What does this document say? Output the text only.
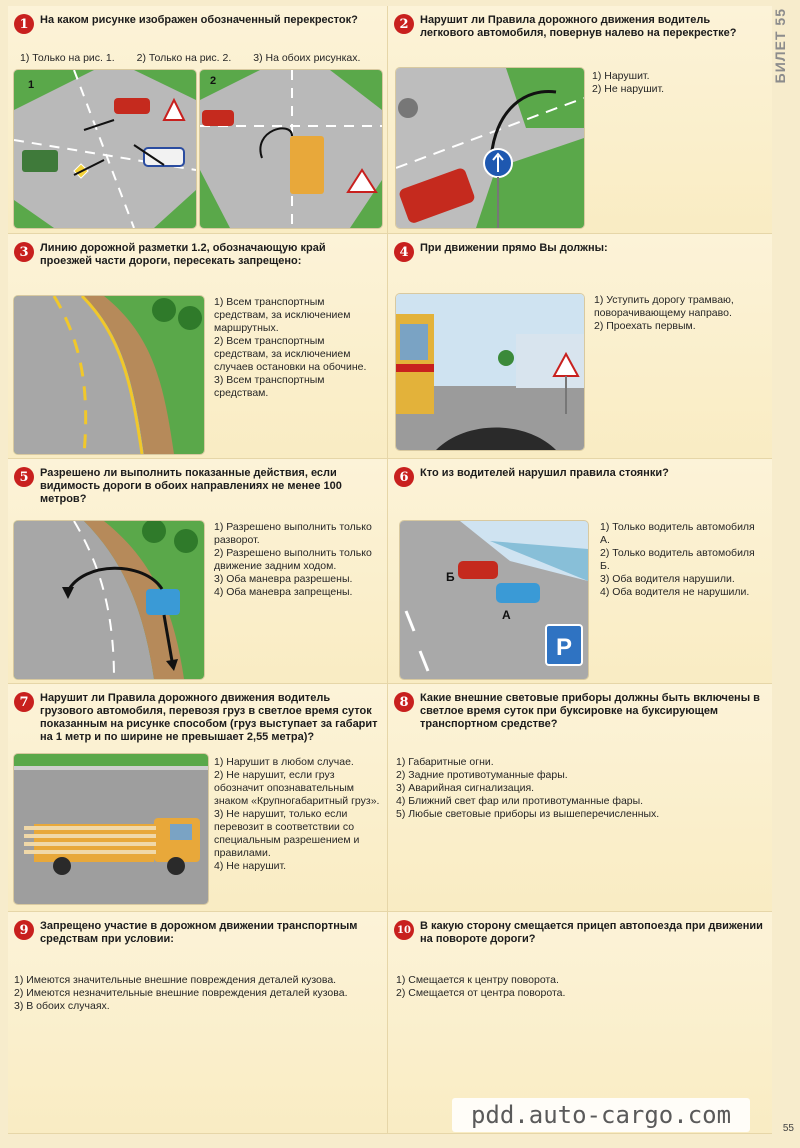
1	На каком рисунке изображен обозначенный перекресток?
1) Только на рис. 1. 2) Только на рис. 2. 3) На обоих рисунках.
1	2
2	Нарушит ли Правила дорожного движения водитель легкового автомобиля, повернув налево на перекрестке?
1) Нарушит.
2) Не нарушит.
3	Линию дорожной разметки 1.2, обозначающую край проезжей части дороги, пересекать запрещено:
1) Всем транспортным средствам, за исключением маршрутных.
2) Всем транспортным средствам, за исключением случаев остановки на обочине.
3) Всем транспортным средствам.
4	При движении прямо Вы должны:
1) Уступить дорогу трамваю, поворачивающему направо.
2) Проехать первым.
5	Разрешено ли выполнить показанные действия, если видимость дороги в обоих направлениях не менее 100 метров?
1) Разрешено выполнить только разворот.
2) Разрешено выполнить только движение задним ходом.
3) Оба маневра разрешены.
4) Оба маневра запрещены.
6	Кто из водителей нарушил правила стоянки?
Б
А
P
1) Только водитель автомобиля А.
2) Только водитель автомобиля Б.
3) Оба водителя нарушили.
4) Оба водителя не нарушили.
7	Нарушит ли Правила дорожного движения водитель грузового автомобиля, перевозя груз в светлое время суток показанным на рисунке способом (груз выступает за габарит на 1 метр и по ширине не превышает 2,55 метра)?
1) Нарушит в любом случае.
2) Не нарушит, если груз обозначит опознавательным знаком «Крупногабаритный груз».
3) Не нарушит, только если перевозит в соответствии со специальным разрешением и правилами.
4) Не нарушит.
8	Какие внешние световые приборы должны быть включены в светлое время суток при буксировке на буксирующем транспортном средстве?
1) Габаритные огни.
2) Задние противотуманные фары.
3) Аварийная сигнализация.
4) Ближний свет фар или противотуманные фары.
5) Любые световые приборы из вышеперечисленных.
9	Запрещено участие в дорожном движении транспортным средствам при условии:
1) Имеются значительные внешние повреждения деталей кузова.
2) Имеются незначительные внешние повреждения деталей кузова.
3) В обоих случаях.
10 В какую сторону смещается прицеп автопоезда при движении на повороте дороги?
1) Смещается к центру поворота.
2) Смещается от центра поворота.
БИЛЕТ 55
pdd.auto-cargo.com	55
